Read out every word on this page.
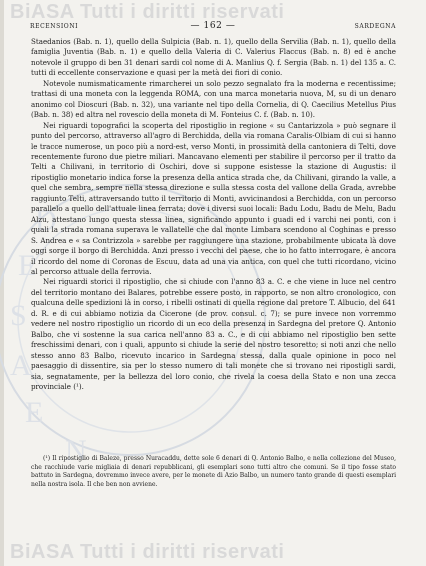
BiASA Tutti i diritti riservati
S
E
D
A
E
N
RECENSIONI	— 162 —	SARDEGNA

Staedanios (Bab. n. 1), quello della Sulpicia (Bab. n. 1), quello della Servilia (Bab. n. 1), quello della famiglia Juventia (Bab. n. 1) e quello della Valeria di C. Valerius Flaccus (Bab. n. 8) ed è anche notevole il gruppo di ben 31 denari sardi col nome di A. Manlius Q. f. Sergia (Bab. n. 1) del 135 a. C. tutti di eccellente conservazione e quasi per la metà dei fiori di conio.

Notevole numismaticamente rimarcherei un solo pezzo segnalato fra la moderna e recentissime; trattasi di una moneta con la leggenda ROMA, con una marca monetaria nuova, M, su di un denaro anonimo col Dioscuri (Bab. n. 32), una variante nel tipo della Cornelia, di Q. Caecilius Metellus Pius (Bab. n. 38) ed altra nel rovescio della moneta di M. Fonteius C. f. (Bab. n. 10).

Nei riguardi topografici la scoperta del ripostiglio in regione « su Cantarizzola » può segnare il punto del percorso, attraverso all'agro di Berchidda, della via romana Caralis-Olbiam di cui si hanno le tracce numerose, un poco più a nord-est, verso Monti, in prossimità della cantoniera di Telti, dove recentemente furono due pietre miliari. Mancavano elementi per stabilire il percorso per il tratto da Telti a Chilivani, in territorio di Oschiri, dove si suppone esistesse la stazione di Augustis: il ripostiglio monetario indica forse la presenza della antica strada che, da Chilivani, girando la valle, a quel che sembra, sempre nella stessa direzione e sulla stessa costa del vallone della Grada, avrebbe raggiunto Telti, attraversando tutto il territorio di Monti, avvicinandosi a Berchidda, con un percorso parallelo a quello dell'attuale linea ferrata; dove i diversi suoi locali: Badu Lodu, Badu de Melu, Badu Alzu, attestano lungo questa stessa linea, significando appunto i guadi ed i varchi nei ponti, con i quali la strada romana superava le vallatelle che dal monte Limbara scendono al Coghinas e presso S. Andrea e « sa Contrizzola » sarebbe per raggiungere una stazione, probabilmente ubicata là dove oggi sorge il borgo di Berchidda. Anzi presso i vecchi del paese, che io ho fatto interrogare, è ancora il ricordo del nome di Coronas de Escuu, data ad una via antica, con quel che tutti ricordano, vicino al percorso attuale della ferrovia.

Nei riguardi storici il ripostiglio, che si chiude con l'anno 83 a. C. e che viene in luce nel centro del territorio montano dei Balares, potrebbe essere posto, in rapporto, se non altro cronologico, con qualcuna delle spedizioni là in corso, i ribelli ostinati di quella regione dal pretore T. Albucio, del 641 d. R. e di cui abbiamo notizia da Cicerone (de prov. consul. c. 7); se pure invece non vorremmo vedere nel nostro ripostiglio un ricordo di un eco della presenza in Sardegna del pretore Q. Antonio Balbo, che vi sostenne la sua carica nell'anno 83 a. C., e di cui abbiamo nel ripostiglio ben sette freschissimi denari, con i quali, appunto si chiude la serie del nostro tesoretto; si noti anzi che nello stesso anno 83 Balbo, ricevuto incarico in Sardegna stessa, dalla quale opinione in poco nel paesaggio di dissentire, sia per lo stesso numero di tali monete che si trovano nei ripostigli sardi, sia, segnatamente, per la bellezza del loro conio, che rivela la coesa della Stato e non una zecca provinciale (¹).

(¹) Il ripostiglio di Baleze, presso Nuracaddu, dette sole 6 denari di Q. Antonio Balbo, e nella collezione del Museo, che racchiude varie migliaia di denari repubblicani, gli esemplari sono tutti altro che comuni. Se il tipo fosse stato battuto in Sardegna, dovremmo invece avere, per le monete di Azio Balbo, un numero tanto grande di questi esemplari nella nostra isola. Il che ben non avviene.
BiASA Tutti i diritti riservati
